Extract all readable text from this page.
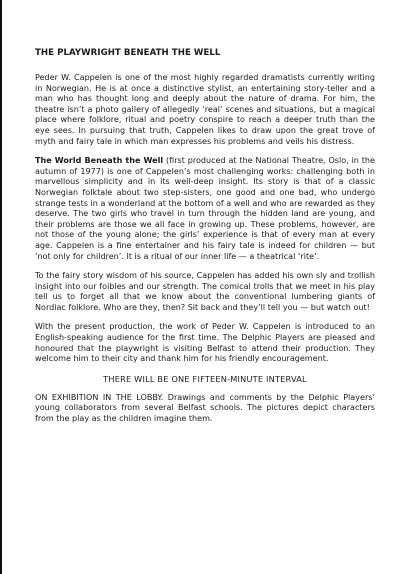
THE PLAYWRIGHT BENEATH THE WELL

Peder W. Cappelen is one of the most highly regarded dramatists currently writing in Norwegian. He is at once a distinctive stylist, an entertaining story-teller and a man who has thought long and deeply about the nature of drama. For him, the theatre isn’t a photo gallery of allegedly ‘real’ scenes and situations, but a magical place where folklore, ritual and poetry conspire to reach a deeper truth than the eye sees. In pursuing that truth, Cappelen likes to draw upon the great trove of myth and fairy tale in which man expresses his problems and veils his distress.

The World Beneath the Well (first produced at the National Theatre, Oslo, in the autumn of 1977) is one of Cappelen’s most challenging works: challenging both in marvellous simplicity and in its well-deep insight. Its story is that of a classic Norwegian folktale about two step-sisters, one good and one bad, who undergo strange tests in a wonderland at the bottom of a well and who are rewarded as they deserve. The two girls who travel in turn through the hidden land are young, and their problems are those we all face in growing up. These problems, however, are not those of the young alone; the girls’ experience is that of every man at every age. Cappelen is a fine entertainer and his fairy tale is indeed for children — but ‘not only for children’. It is a ritual of our inner life — a theatrical ‘rite’.

To the fairy story wisdom of his source, Cappelen has added his own sly and trollish insight into our foibles and our strength. The comical trolls that we meet in his play tell us to forget all that we know about the conventional lumbering giants of Nordiac folklore. Who are they, then? Sit back and they’ll tell you — but watch out!

With the present production, the work of Peder W. Cappelen is introduced to an English-speaking audience for the first time. The Delphic Players are pleased and honoured that the playwright is visiting Belfast to attend their production. They welcome him to their city and thank him for his friendly encouragement.

THERE WILL BE ONE FIFTEEN-MINUTE INTERVAL

ON EXHIBITION IN THE LOBBY. Drawings and comments by the Delphic Players’ young collaborators from several Belfast schools. The pictures depict characters from the play as the children imagine them.
